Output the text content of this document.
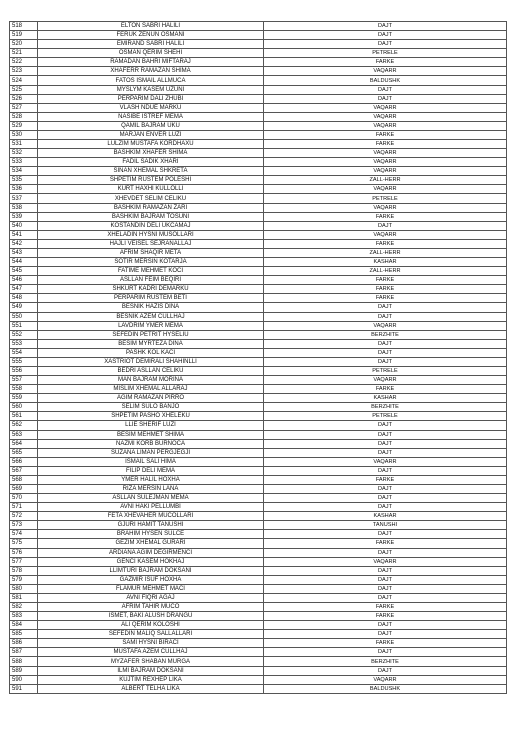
518	ELTON SABRI HALILI	DAJT
519	FERUK ZENUN OSMANI	DAJT
520	EMIRAND SABRI HALILI	DAJT
521	OSMAN QERIM SHEHI	PETRELE
522	RAMADAN BAHRI MIFTARAJ	FARKE
523	XHAFERR RAMAZAN SHIMA	VAQARR
524	FATOS ISMAIL ALLMUCA	BALDUSHK
525	MYSLYM KASEM UZUNI	DAJT
526	PERPARIM DALI ZHUBI	DAJT
527	VLASH NDUE MARKU	VAQARR
528	NASIBE ISTREF MEMA	VAQARR
529	QAMIL BAJRAM UKU	VAQARR
530	MARJAN ENVER LUZI	FARKE
531	LULZIM MUSTAFA KORDHAXU	FARKE
532	BASHKIM XHAFER SHIMA	VAQARR
533	FADIL SADIK XHARI	VAQARR
534	SINAN XHEMAL SHKRETA	VAQARR
535	SHPETIM RUSTEM POLESHI	ZALL-HERR
536	KURT HAXHI KULLOLLI	VAQARR
537	XHEVDET SELIM CELIKU	PETRELE
538	BASHKIM RAMAZAN ZARI	VAQARR
539	BASHKIM BAJRAM TOSUNI	FARKE
540	KOSTANDIN DELI UKCAMAJ	DAJT
541	XHELADIN HYSNI MUSOLLARI	VAQARR
542	HAJLI VEISEL SEJRANALLAJ	FARKE
543	AFRIM SHAQIR META	ZALL-HERR
544	SOTIR MERSIN KOTARJA	KASHAR
545	FATIME MEHMET KOCI	ZALL-HERR
546	ASLLAN FEIM BEQIRI	FARKE
547	SHKURT KADRI DEMARKU	FARKE
548	PERPARIM RUSTEM BETI	FARKE
549	BESNIK HAZIS DINA	DAJT
550	BESNIK AZEM CULLHAJ	DAJT
551	LAVDRIM YMER MEMA	VAQARR
552	SEFEDIN PETRIT HYSELIU	BERZHITE
553	BESIM MYRTEZA DINA	DAJT
554	PASHK KOL KACI	DAJT
555	XASTRIOT DEMIRALI SHAHINLLI	DAJT
556	BEDRI ASLLAN CELIKU	PETRELE
557	MAN BAJRAM MORINA	VAQARR
558	MISLIM XHEMAL ALLARAJ	FARKE
559	AGIM RAMAZAN PIRRO	KASHAR
560	SELIM SULO BANJO	BERZHITE
561	SHPETIM PASHO XHELEKU	PETRELE
562	LLIE SHERIF LUZI	DAJT
563	BESIM MEHMET SHIMA	DAJT
564	NAZMI KORB BURNOCA	DAJT
565	SUZANA LIMAN PERGJEGJI	DAJT
566	ISMAIL SALI HIMA	VAQARR
567	FILIP DELI MEMA	DAJT
568	YMER HALIL HOXHA	FARKE
569	RIZA MERSIN LANA	DAJT
570	ASLLAN SULEJMAN MEMA	DAJT
571	AVNI HAKI PELLUMBI	DAJT
572	FETA XHEVAHER MUCOLLARI	KASHAR
573	GJURI HAMIT TANUSHI	TANUSHI
574	BRAHIM HYSEN SULCE	DAJT
575	GEZIM XHEMAL GURARI	FARKE
576	ARDIANA AGIM DEGIRMENCI	DAJT
577	GENCI KASEM HOKHAJ	VAQARR
578	LLIMTURI BAJRAM DOKSANI	DAJT
579	GAZMIR ISUF HOXHA	DAJT
580	FLAMUR MEHMET MACI	DAJT
581	AVNI FIQRI AGAJ	DAJT
582	AFRIM TAHIR MUCO	FARKE
583	ISMET, BAKI ALUSH DRANGU	FARKE
584	ALI QERIM KOLOSHI	DAJT
585	SEFEDIN MALIQ SALLALLARI	DAJT
586	SAMI HYSNI BIRACI	FARKE
587	MUSTAFA AZEM CULLHAJ	DAJT
588	MYZAFER SHABAN MURGA	BERZHITE
589	ILMI BAJRAM DOKSANI	DAJT
590	KUJTIM REXHEP LIKA	VAQARR
591	ALBERT TELHA LIKA	BALDUSHK
